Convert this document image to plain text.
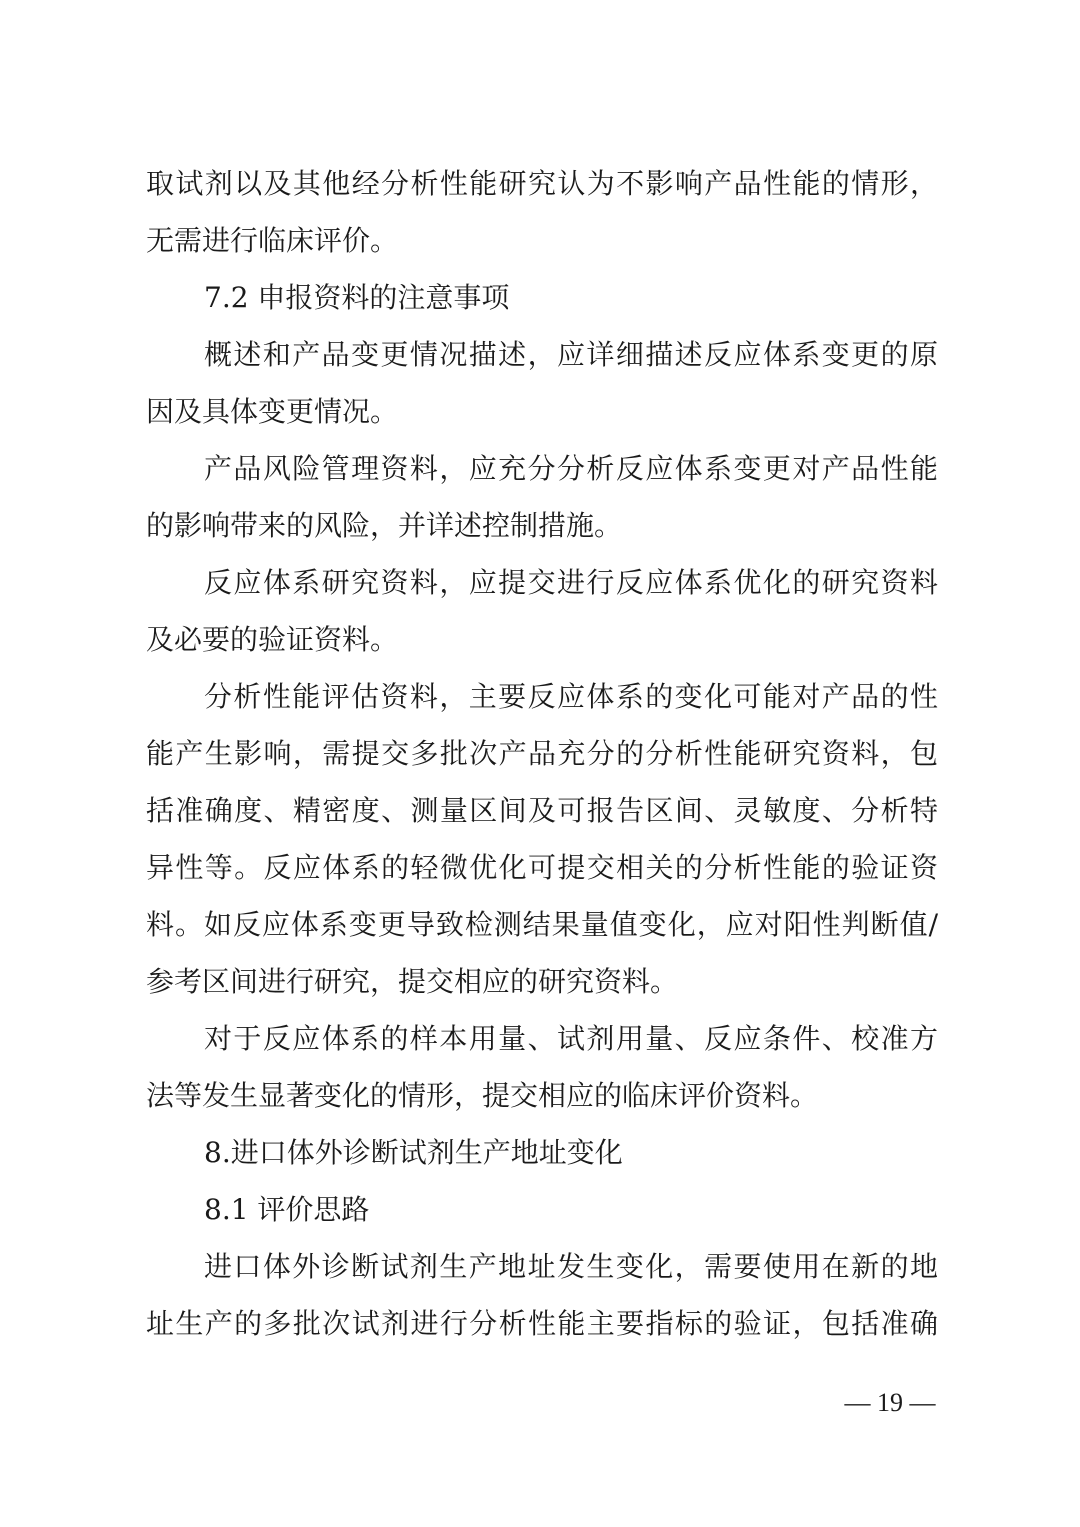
取试剂以及其他经分析性能研究认为不影响产品性能的情形，
无需进行临床评价。
7.2 申报资料的注意事项
概述和产品变更情况描述，应详细描述反应体系变更的原
因及具体变更情况。
产品风险管理资料，应充分分析反应体系变更对产品性能
的影响带来的风险，并详述控制措施。
反应体系研究资料，应提交进行反应体系优化的研究资料
及必要的验证资料。
分析性能评估资料，主要反应体系的变化可能对产品的性
能产生影响，需提交多批次产品充分的分析性能研究资料，包
括准确度、精密度、测量区间及可报告区间、灵敏度、分析特
异性等。反应体系的轻微优化可提交相关的分析性能的验证资
料。如反应体系变更导致检测结果量值变化，应对阳性判断值/
参考区间进行研究，提交相应的研究资料。
对于反应体系的样本用量、试剂用量、反应条件、校准方
法等发生显著变化的情形，提交相应的临床评价资料。
8.进口体外诊断试剂生产地址变化
8.1 评价思路
进口体外诊断试剂生产地址发生变化，需要使用在新的地
址生产的多批次试剂进行分析性能主要指标的验证，包括准确
— 19 —
